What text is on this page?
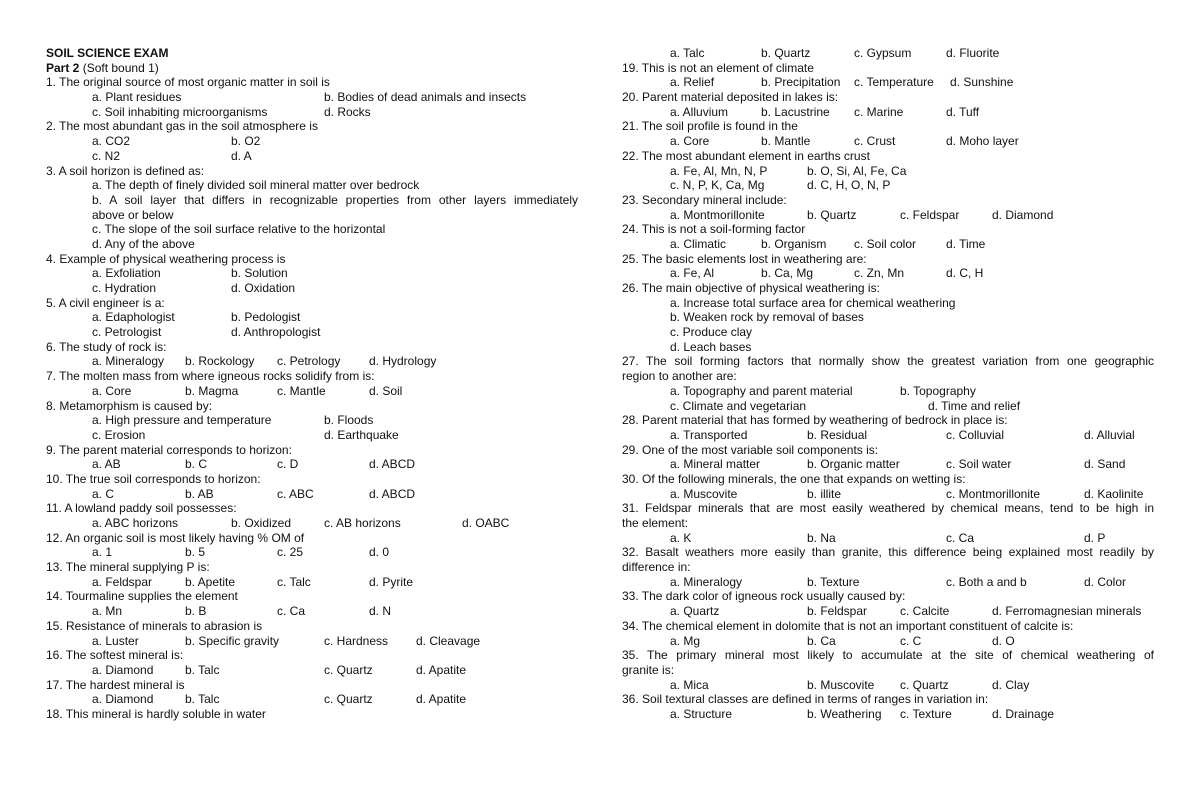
SOIL SCIENCE EXAM
Part 2 (Soft bound 1)
1. The original source of most organic matter in soil is
a. Plant residues	b. Bodies of dead animals and insects
c. Soil inhabiting microorganisms	d. Rocks
2. The most abundant gas in the soil atmosphere is
a. CO2	b. O2
c. N2	d. A
3. A soil horizon is defined as:
a. The depth of finely divided soil mineral matter over bedrock
b. A soil layer that differs in recognizable properties from other layers immediately
above or below
c. The slope of the soil surface relative to the horizontal
d. Any of the above
4. Example of physical weathering process is
a. Exfoliation	b. Solution
c. Hydration	d. Oxidation
5. A civil engineer is a:
a. Edaphologist	b. Pedologist
c. Petrologist	d. Anthropologist
6. The study of rock is:
a. Mineralogy b. Rockology c. Petrology d. Hydrology
7. The molten mass from where igneous rocks solidify from is:
a. Core	b. Magma	c. Mantle	d. Soil
8. Metamorphism is caused by:
a. High pressure and temperature	b. Floods
c. Erosion	d. Earthquake
9. The parent material corresponds to horizon:
a. AB	b. C	c. D	d. ABCD
10. The true soil corresponds to horizon:
a. C	b. AB	c. ABC	d. ABCD
11. A lowland paddy soil possesses:
a. ABC horizons	b. Oxidized	c. AB horizons	d. OABC
12. An organic soil is most likely having % OM of
a. 1	b. 5	c. 25	d. 0
13. The mineral supplying P is:
a. Feldspar	b. Apetite	c. Talc	d. Pyrite
14. Tourmaline supplies the element
a. Mn	b. B	c. Ca	d. N
15. Resistance of minerals to abrasion is
a. Luster	b. Specific gravity	c. Hardness d. Cleavage
16. The softest mineral is:
a. Diamond	b. Talc	c. Quartz	d. Apatite
17. The hardest mineral is
a. Diamond	b. Talc	c. Quartz	d. Apatite
18. This mineral is hardly soluble in water
a. Talc	b. Quartz	c. Gypsum	d. Fluorite
19. This is not an element of climate
a. Relief	b. Precipitation c. Temperature d. Sunshine
20. Parent material deposited in lakes is:
a. Alluvium	b. Lacustrine c. Marine	d. Tuff
21. The soil profile is found in the
a. Core	b. Mantle	c. Crust	d. Moho layer
22. The most abundant element in earths crust
a. Fe, Al, Mn, N, P	b. O, Si, Al, Fe, Ca
c. N, P, K, Ca, Mg	d. C, H, O, N, P
23. Secondary mineral include:
a. Montmorillonite	b. Quartz	c. Feldspar	d. Diamond
24. This is not a soil-forming factor
a. Climatic	b. Organism c. Soil color d. Time
25. The basic elements lost in weathering are:
a. Fe, Al	b. Ca, Mg	c. Zn, Mn	d. C, H
26. The main objective of physical weathering is:
a. Increase total surface area for chemical weathering
b. Weaken rock by removal of bases
c. Produce clay
d. Leach bases
27. The soil forming factors that normally show the greatest variation from one geographic
region to another are:
a. Topography and parent material	b. Topography
c. Climate and vegetarian	d. Time and relief
28. Parent material that has formed by weathering of bedrock in place is:
a. Transported	b. Residual	c. Colluvial	d. Alluvial
29. One of the most variable soil components is:
a. Mineral matter	b. Organic matter	c. Soil water	d. Sand
30. Of the following minerals, the one that expands on wetting is:
a. Muscovite	b. illite	c. Montmorillonite	d. Kaolinite
31. Feldspar minerals that are most easily weathered by chemical means, tend to be high in
the element:
a. K	b. Na	c. Ca	d. P
32. Basalt weathers more easily than granite, this difference being explained most readily by
difference in:
a. Mineralogy	b. Texture	c. Both a and b	d. Color
33. The dark color of igneous rock usually caused by:
a. Quartz	b. Feldspar	c. Calcite	d. Ferromagnesian minerals
34. The chemical element in dolomite that is not an important constituent of calcite is:
a. Mg	b. Ca	c. C	d. O
35. The primary mineral most likely to accumulate at the site of chemical weathering of
granite is:
a. Mica	b. Muscovite c. Quartz	d. Clay
36. Soil textural classes are defined in terms of ranges in variation in:
a. Structure	b. Weathering c. Texture	d. Drainage
